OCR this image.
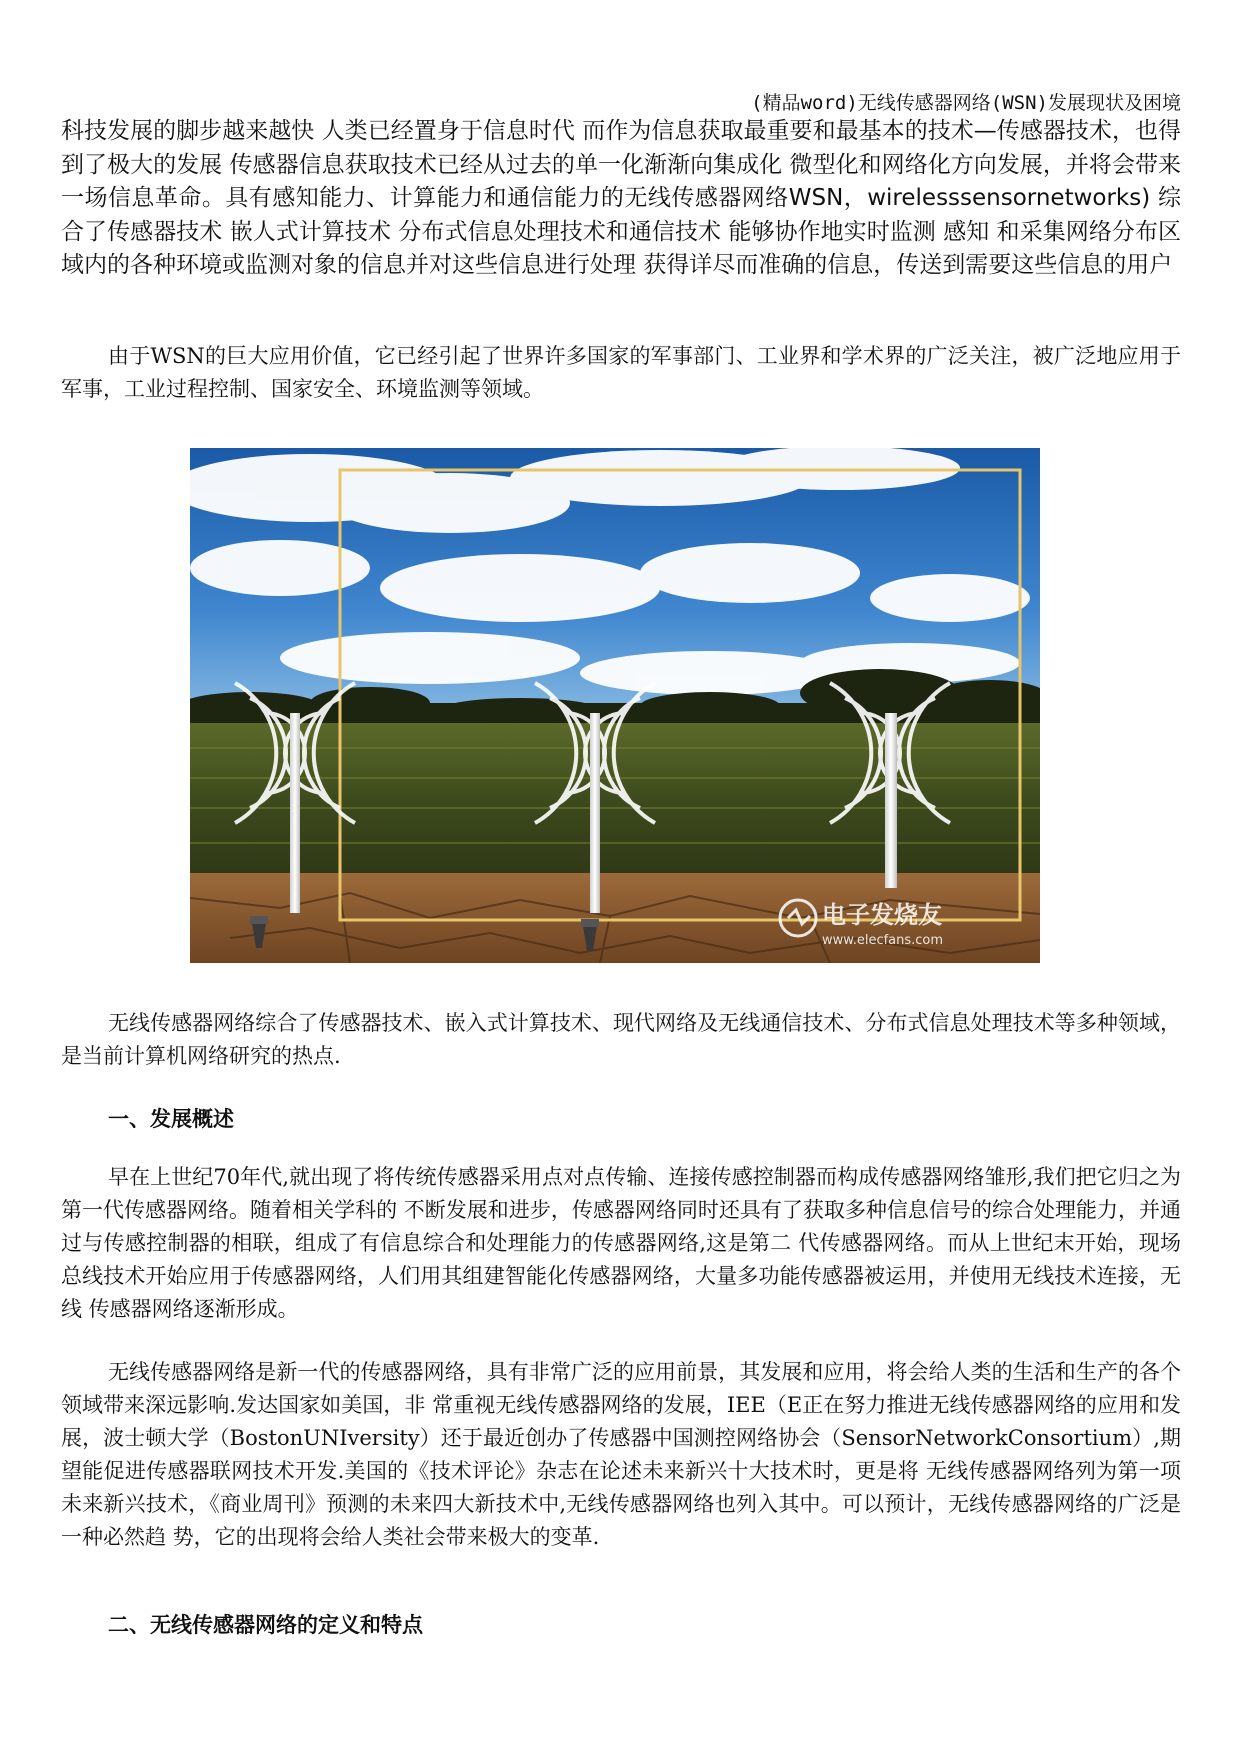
(精品word)无线传感器网络(WSN)发展现状及困境

科技发展的脚步越来越快 人类已经置身于信息时代 而作为信息获取最重要和最基本的技术—传感器技术，也得到了极大的发展 传感器信息获取技术已经从过去的单一化渐渐向集成化 微型化和网络化方向发展，并将会带来一场信息革命。具有感知能力、计算能力和通信能力的无线传感器网络WSN，wirelesssensornetworks) 综合了传感器技术 嵌人式计算技术 分布式信息处理技术和通信技术 能够协作地实时监测 感知 和采集网络分布区域内的各种环境或监测对象的信息并对这些信息进行处理 获得详尽而准确的信息，传送到需要这些信息的用户

由于WSN的巨大应用价值，它已经引起了世界许多国家的军事部门、工业界和学术界的广泛关注，被广泛地应用于军事，工业过程控制、国家安全、环境监测等领域。

电子发烧友
www.elecfans.com

无线传感器网络综合了传感器技术、嵌入式计算技术、现代网络及无线通信技术、分布式信息处理技术等多种领域，是当前计算机网络研究的热点.

一、发展概述

早在上世纪70年代,就出现了将传统传感器采用点对点传输、连接传感控制器而构成传感器网络雏形,我们把它归之为第一代传感器网络。随着相关学科的 不断发展和进步，传感器网络同时还具有了获取多种信息信号的综合处理能力，并通过与传感控制器的相联，组成了有信息综合和处理能力的传感器网络,这是第二 代传感器网络。而从上世纪末开始，现场总线技术开始应用于传感器网络，人们用其组建智能化传感器网络，大量多功能传感器被运用，并使用无线技术连接，无线 传感器网络逐渐形成。

无线传感器网络是新一代的传感器网络，具有非常广泛的应用前景，其发展和应用，将会给人类的生活和生产的各个领域带来深远影响.发达国家如美国，非 常重视无线传感器网络的发展，IEE（E正在努力推进无线传感器网络的应用和发展，波士顿大学（BostonUNIversity）还于最近创办了传感器中国测控网络协会（SensorNetworkConsortium）,期望能促进传感器联网技术开发.美国的《技术评论》杂志在论述未来新兴十大技术时，更是将 无线传感器网络列为第一项未来新兴技术，《商业周刊》预测的未来四大新技术中,无线传感器网络也列入其中。可以预计，无线传感器网络的广泛是一种必然趋 势，它的出现将会给人类社会带来极大的变革.

二、无线传感器网络的定义和特点
